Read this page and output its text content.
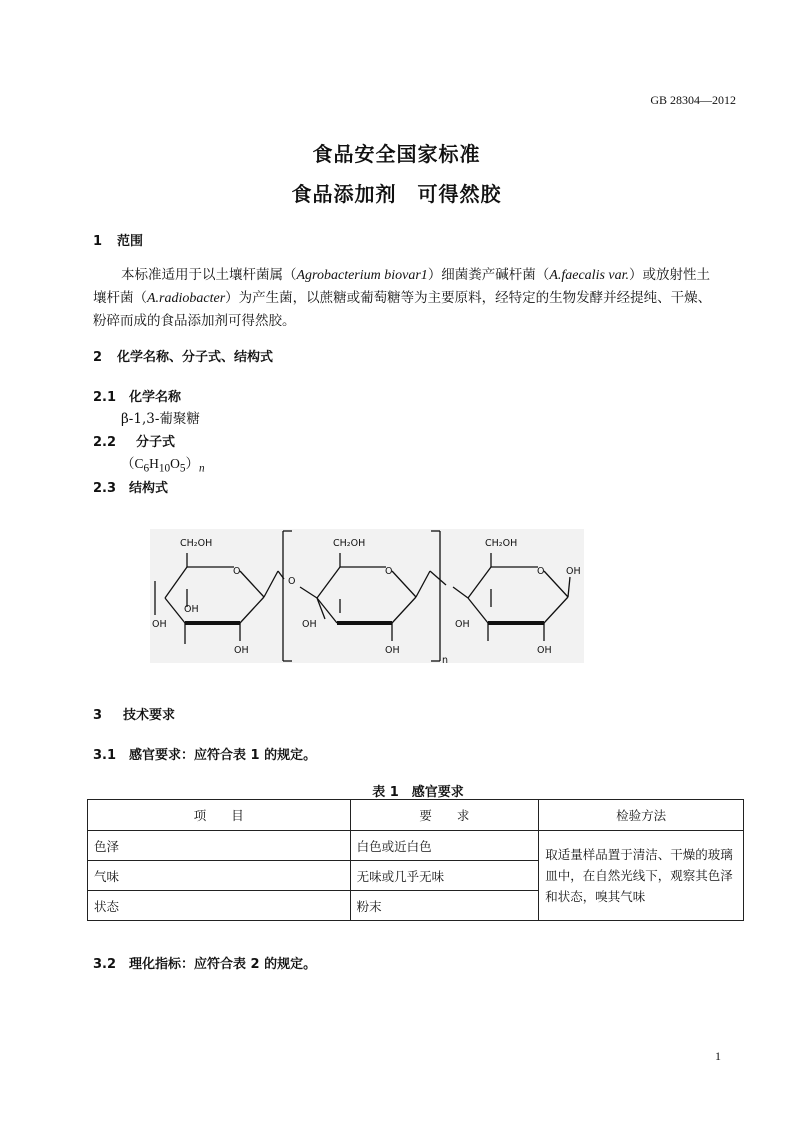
GB 28304—2012
食品安全国家标准
食品添加剂　可得然胶
1 范围
本标准适用于以土壤杆菌属（Agrobacterium biovar1）细菌粪产碱杆菌（A.faecalis var.）或放射性土壤杆菌（A.radiobacter）为产生菌，以蔗糖或葡萄糖等为主要原料，经特定的生物发酵并经提纯、干燥、粉碎而成的食品添加剂可得然胶。
2 化学名称、分子式、结构式
2.1 化学名称
β-1,3-葡聚糖
2.2 分子式
$(C_6H_{10}O_5)_n$
2.3 结构式
CH₂OH
O
OH
OH
OH
O
CH₂OH
O
OH
OH
n
CH₂OH
O OH
OH
OH
3 技术要求
3.1 感官要求：应符合表 1 的规定。
表 1　感官要求
项　　目	要　　求	检验方法
色泽	白色或近白色	取适量样品置于清洁、干燥的玻璃皿中，在自然光线下，观察其色泽和状态，嗅其气味
气味	无味或几乎无味	
状态	粉末	
3.2 理化指标：应符合表 2 的规定。
1
